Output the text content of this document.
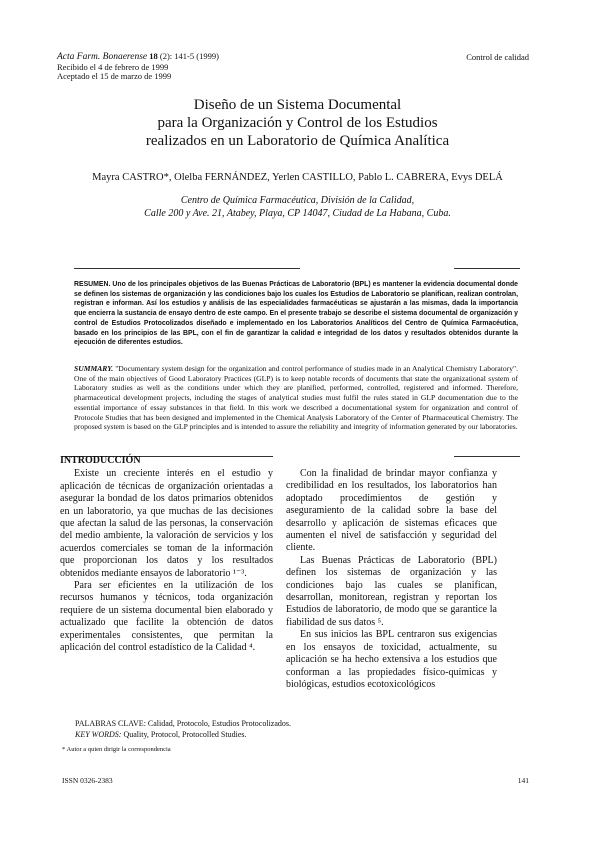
Acta Farm. Bonaerense 18 (2): 141-5 (1999)
Recibido el 4 de febrero de 1999
Aceptado el 15 de marzo de 1999
Control de calidad
Diseño de un Sistema Documental
para la Organización y Control de los Estudios
realizados en un Laboratorio de Química Analítica
Mayra CASTRO*, Olelba FERNÁNDEZ, Yerlen CASTILLO, Pablo L. CABRERA, Evys DELÁ
Centro de Química Farmacéutica, División de la Calidad,
Calle 200 y Ave. 21, Atabey, Playa, CP 14047, Ciudad de La Habana, Cuba.
RESUMEN. Uno de los principales objetivos de las Buenas Prácticas de Laboratorio (BPL) es mantener la evidencia documental donde se definen los sistemas de organización y las condiciones bajo los cuales los Estudios de Laboratorio se planifican, realizan controlan, registran e informan. Así los estudios y análisis de las especialidades farmacéuticas se ajustarán a las mismas, dada la importancia que encierra la sustancia de ensayo dentro de este campo. En el presente trabajo se describe el sistema documental de organización y control de Estudios Protocolizados diseñado e implementado en los Laboratorios Analíticos del Centro de Química Farmacéutica, basado en los principios de las BPL, con el fin de garantizar la calidad e integridad de los datos y resultados obtenidos durante la ejecución de diferentes estudios.
SUMMARY. "Documentary system design for the organization and control performance of studies made in an Analytical Chemistry Laboratory". One of the main objectives of Good Laboratory Practices (GLP) is to keep notable records of documents that state the organizational system of Laboratory studies as well as the conditions under which they are planified, performed, controlled, registered and informed. Therefore, pharmaceutical development projects, including the stages of analytical studies must fulfil the rules stated in GLP documentation due to the essential importance of essay substances in that field. In this work we described a documentational system for organization and control of Protocole Studies that has been designed and implemented in the Chemical Analysis Laboratory of the Center of Pharmaceutical Chemistry. The proposed system is based on the GLP principles and is intended to assure the reliability and integrity of information generated by our laboratories.

INTRODUCCIÓN

Existe un creciente interés en el estudio y aplicación de técnicas de organización orientadas a asegurar la bondad de los datos primarios obtenidos en un laboratorio, ya que muchas de las decisiones que afectan la salud de las personas, la conservación del medio ambiente, la valoración de servicios y los acuerdos comerciales se toman de la información que proporcionan los datos y los resultados obtenidos mediante ensayos de laboratorio ¹⁻³.

Para ser eficientes en la utilización de los recursos humanos y técnicos, toda organización requiere de un sistema documental bien elaborado y actualizado que facilite la obtención de datos experimentales consistentes, que permitan la aplicación del control estadístico de la Calidad ⁴.

Con la finalidad de brindar mayor confianza y credibilidad en los resultados, los laboratorios han adoptado procedimientos de gestión y aseguramiento de la calidad sobre la base del desarrollo y aplicación de sistemas eficaces que aumenten el nivel de satisfacción y seguridad del cliente.

Las Buenas Prácticas de Laboratorio (BPL) definen los sistemas de organización y las condiciones bajo las cuales se planifican, desarrollan, monitorean, registran y reportan los Estudios de laboratorio, de modo que se garantice la fiabilidad de sus datos ⁵.

En sus inicios las BPL centraron sus exigencias en los ensayos de toxicidad, actualmente, su aplicación se ha hecho extensiva a los estudios que conforman a las propiedades físico-químicas y biológicas, estudios ecotoxicológicos

PALABRAS CLAVE: Calidad, Protocolo, Estudios Protocolizados.
KEY WORDS: Quality, Protocol, Protocolled Studies.
* Autor a quien dirigir la correspondencia
ISSN 0326-2383	141
